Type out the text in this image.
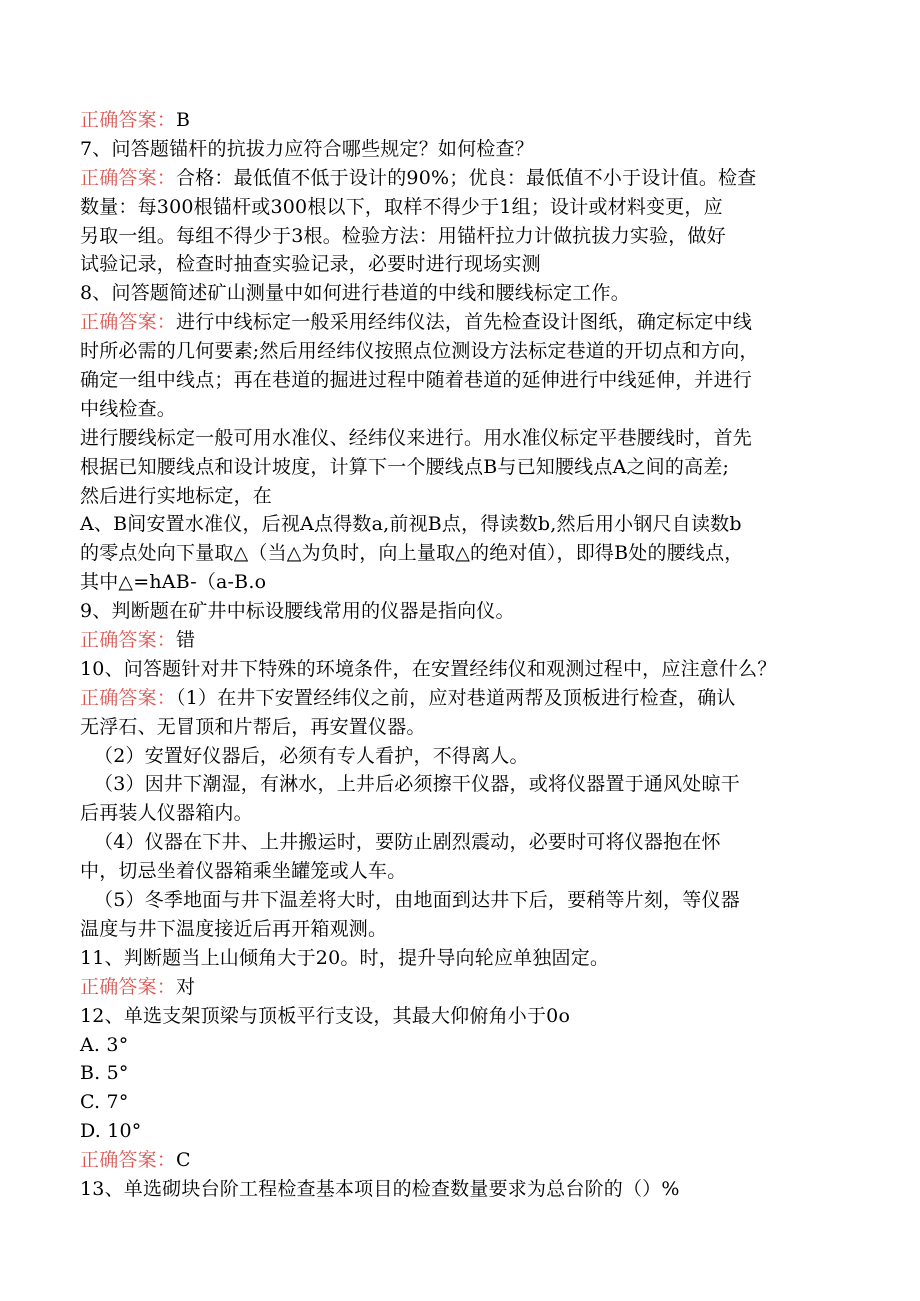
正确答案：B
7、问答题锚杆的抗拔力应符合哪些规定？如何检查？
正确答案：合格：最低值不低于设计的90%；优良：最低值不小于设计值。检查
数量：每300根锚杆或300根以下，取样不得少于1组；设计或材料变更，应
另取一组。每组不得少于3根。检验方法：用锚杆拉力计做抗拔力实验，做好
试验记录，检查时抽查实验记录，必要时进行现场实测
8、问答题简述矿山测量中如何进行巷道的中线和腰线标定工作。
正确答案：进行中线标定一般采用经纬仪法，首先检查设计图纸，确定标定中线
时所必需的几何要素;然后用经纬仪按照点位测设方法标定巷道的开切点和方向，
确定一组中线点；再在巷道的掘进过程中随着巷道的延伸进行中线延伸，并进行
中线检查。
进行腰线标定一般可用水准仪、经纬仪来进行。用水准仪标定平巷腰线时，首先
根据已知腰线点和设计坡度，计算下一个腰线点B与已知腰线点A之间的高差;
然后进行实地标定，在
A、B间安置水准仪，后视A点得数a,前视B点，得读数b,然后用小钢尺自读数b
的零点处向下量取△（当△为负时，向上量取△的绝对值），即得B处的腰线点，
其中△=hAB-（a-B.o
9、判断题在矿井中标设腰线常用的仪器是指向仪。
正确答案：错
10、问答题针对井下特殊的环境条件，在安置经纬仪和观测过程中，应注意什么？
正确答案：（1）在井下安置经纬仪之前，应对巷道两帮及顶板进行检查，确认
无浮石、无冒顶和片帮后，再安置仪器。
（2）安置好仪器后，必须有专人看护，不得离人。
（3）因井下潮湿，有淋水，上井后必须擦干仪器，或将仪器置于通风处晾干
后再装人仪器箱内。
（4）仪器在下井、上井搬运时，要防止剧烈震动，必要时可将仪器抱在怀
中，切忌坐着仪器箱乘坐罐笼或人车。
（5）冬季地面与井下温差将大时，由地面到达井下后，要稍等片刻，等仪器
温度与井下温度接近后再开箱观测。
11、判断题当上山倾角大于20。时，提升导向轮应单独固定。
正确答案：对
12、单选支架顶梁与顶板平行支设，其最大仰俯角小于0o
A. 3°
B. 5°
C. 7°
D. 10°
正确答案：C
13、单选砌块台阶工程检查基本项目的检查数量要求为总台阶的（）%
